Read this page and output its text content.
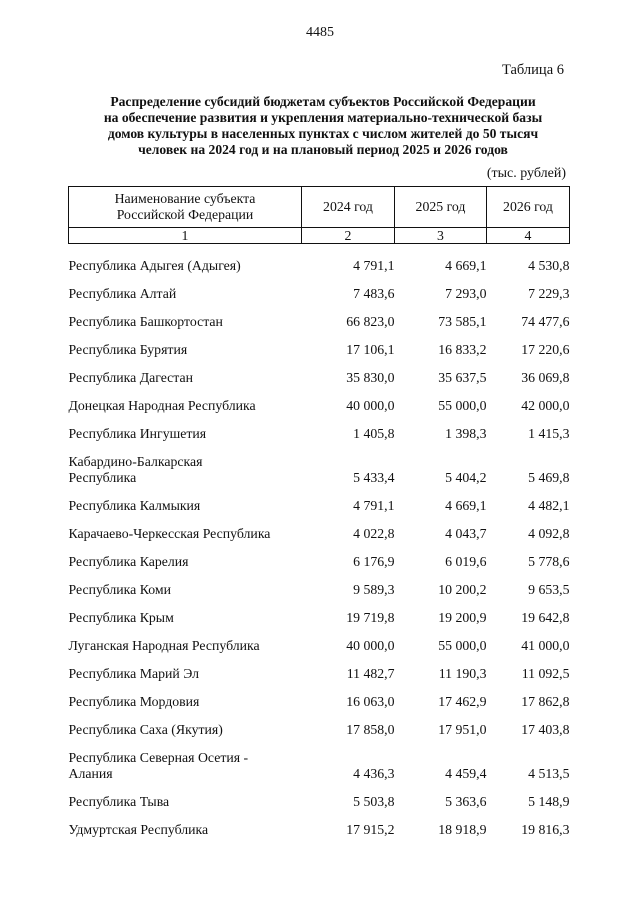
4485
Таблица 6
Распределение субсидий бюджетам субъектов Российской Федерации
на обеспечение развития и укрепления материально-технической базы
домов культуры в населенных пунктах с числом жителей до 50 тысяч
человек на 2024 год и на плановый период 2025 и 2026 годов
(тыс. рублей)
Наименование субъекта
Российской Федерации	2024 год	2025 год	2026 год
1	2	3	4

Республика Адыгея (Адыгея)	4 791,1	4 669,1	4 530,8

Республика Алтай	7 483,6	7 293,0	7 229,3

Республика Башкортостан	66 823,0	73 585,1	74 477,6

Республика Бурятия	17 106,1	16 833,2	17 220,6

Республика Дагестан	35 830,0	35 637,5	36 069,8

Донецкая Народная Республика	40 000,0	55 000,0	42 000,0

Республика Ингушетия	1 405,8	1 398,3	1 415,3

Кабардино-Балкарская
Республика	5 433,4	5 404,2	5 469,8

Республика Калмыкия	4 791,1	4 669,1	4 482,1

Карачаево-Черкесская Республика	4 022,8	4 043,7	4 092,8

Республика Карелия	6 176,9	6 019,6	5 778,6

Республика Коми	9 589,3	10 200,2	9 653,5

Республика Крым	19 719,8	19 200,9	19 642,8

Луганская Народная Республика	40 000,0	55 000,0	41 000,0

Республика Марий Эл	11 482,7	11 190,3	11 092,5

Республика Мордовия	16 063,0	17 462,9	17 862,8

Республика Саха (Якутия)	17 858,0	17 951,0	17 403,8

Республика Северная Осетия -
Алания	4 436,3	4 459,4	4 513,5

Республика Тыва	5 503,8	5 363,6	5 148,9

Удмуртская Республика	17 915,2	18 918,9	19 816,3
